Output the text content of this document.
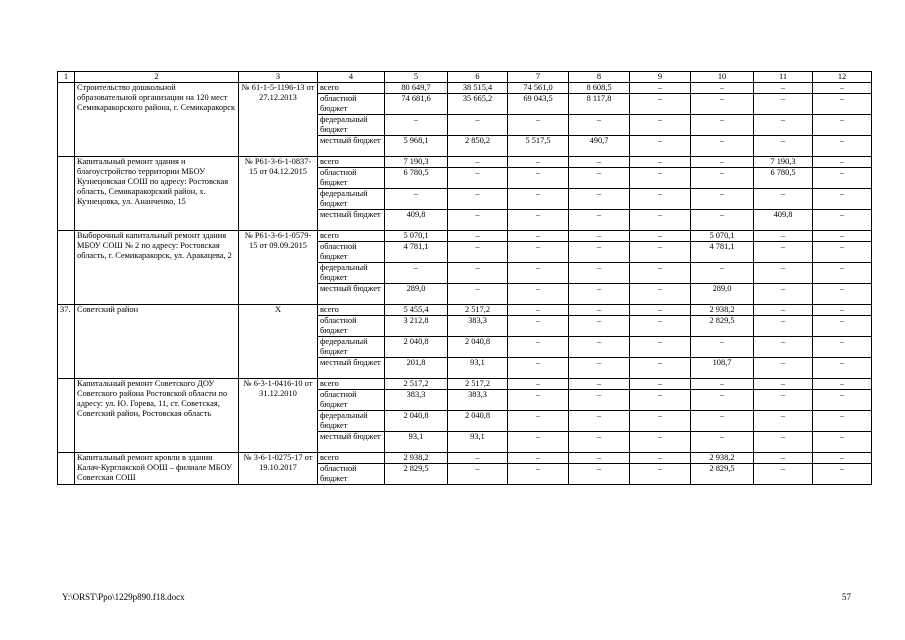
1	2	3	4	5	6	7	8	9	10	11	12
	Строительство дошкольной образовательной организации на 120 мест Семикаракорского района, г. Семикаракорск	№ 61-1-5-1196-13 от 27.12.2013	всего	80 649,7	38 515,4	74 561,0	8 608,5	–	–	–	–
			областной бюджет	74 681,6	35 665,2	69 043,5	8 117,8	–	–	–	–
			федеральный бюджет	–	–	–	–	–	–	–	–
			местный бюджет	5 968,1	2 850,2	5 517,5	490,7	–	–	–	–
	Капитальный ремонт здания и благоустройство территории МБОУ Кузнецовская СОШ по адресу: Ростовская область, Семикаракорский район, х. Кузнецовка, ул. Ананченко, 15	№ Р61-3-6-1-0837-15 от 04.12.2015	всего	7 190,3	–	–	–	–	–	7 190,3	–
			областной бюджет	6 780,5	–	–	–	–	–	6 780,5	–
			федеральный бюджет	–	–	–	–	–	–	–	–
			местный бюджет	409,8	–	–	–	–	–	409,8	–
	Выборочный капитальный ремонт здания МБОУ СОШ № 2 по адресу: Ростовская область, г. Семикаракорск, ул. Аракацева, 2	№ Р61-3-6-1-0579-15 от 09.09.2015	всего	5 070,1	–	–	–	–	5 070,1	–	–
			областной бюджет	4 781,1	–	–	–	–	4 781,1	–	–
			федеральный бюджет	–	–	–	–	–	–	–	–
			местный бюджет	289,0	–	–	–	–	289,0	–	–
37.	Советский район	Х	всего	5 455,4	2 517,2	–	–	–	2 938,2	–	–
			областной бюджет	3 212,8	383,3	–	–	–	2 829,5	–	–
			федеральный бюджет	2 040,8	2 040,8	–	–	–	–	–	–
			местный бюджет	201,8	93,1	–	–	–	108,7	–	–
	Капитальный ремонт Советского ДОУ Советского района Ростовской области по адресу: ул. Ю. Горева, 11, ст. Советская, Советский район, Ростовская область	№ 6-3-1-0416-10 от 31.12.2010	всего	2 517,2	2 517,2	–	–	–	–	–	–
			областной бюджет	383,3	383,3	–	–	–	–	–	–
			федеральный бюджет	2 040,8	2 040,8	–	–	–	–	–	–
			местный бюджет	93,1	93,1	–	–	–	–	–	–
	Капитальный ремонт кровли в здании Калач-Курглакской ООШ – филиале МБОУ Советская СОШ	№ 3-6-1-0275-17 от 19.10.2017	всего	2 938,2	–	–	–	–	2 938,2	–	–
			областной бюджет	2 829,5	–	–	–	–	2 829,5	–	–
Y:\ORST\Ppo\1229p890.f18.docx	57
